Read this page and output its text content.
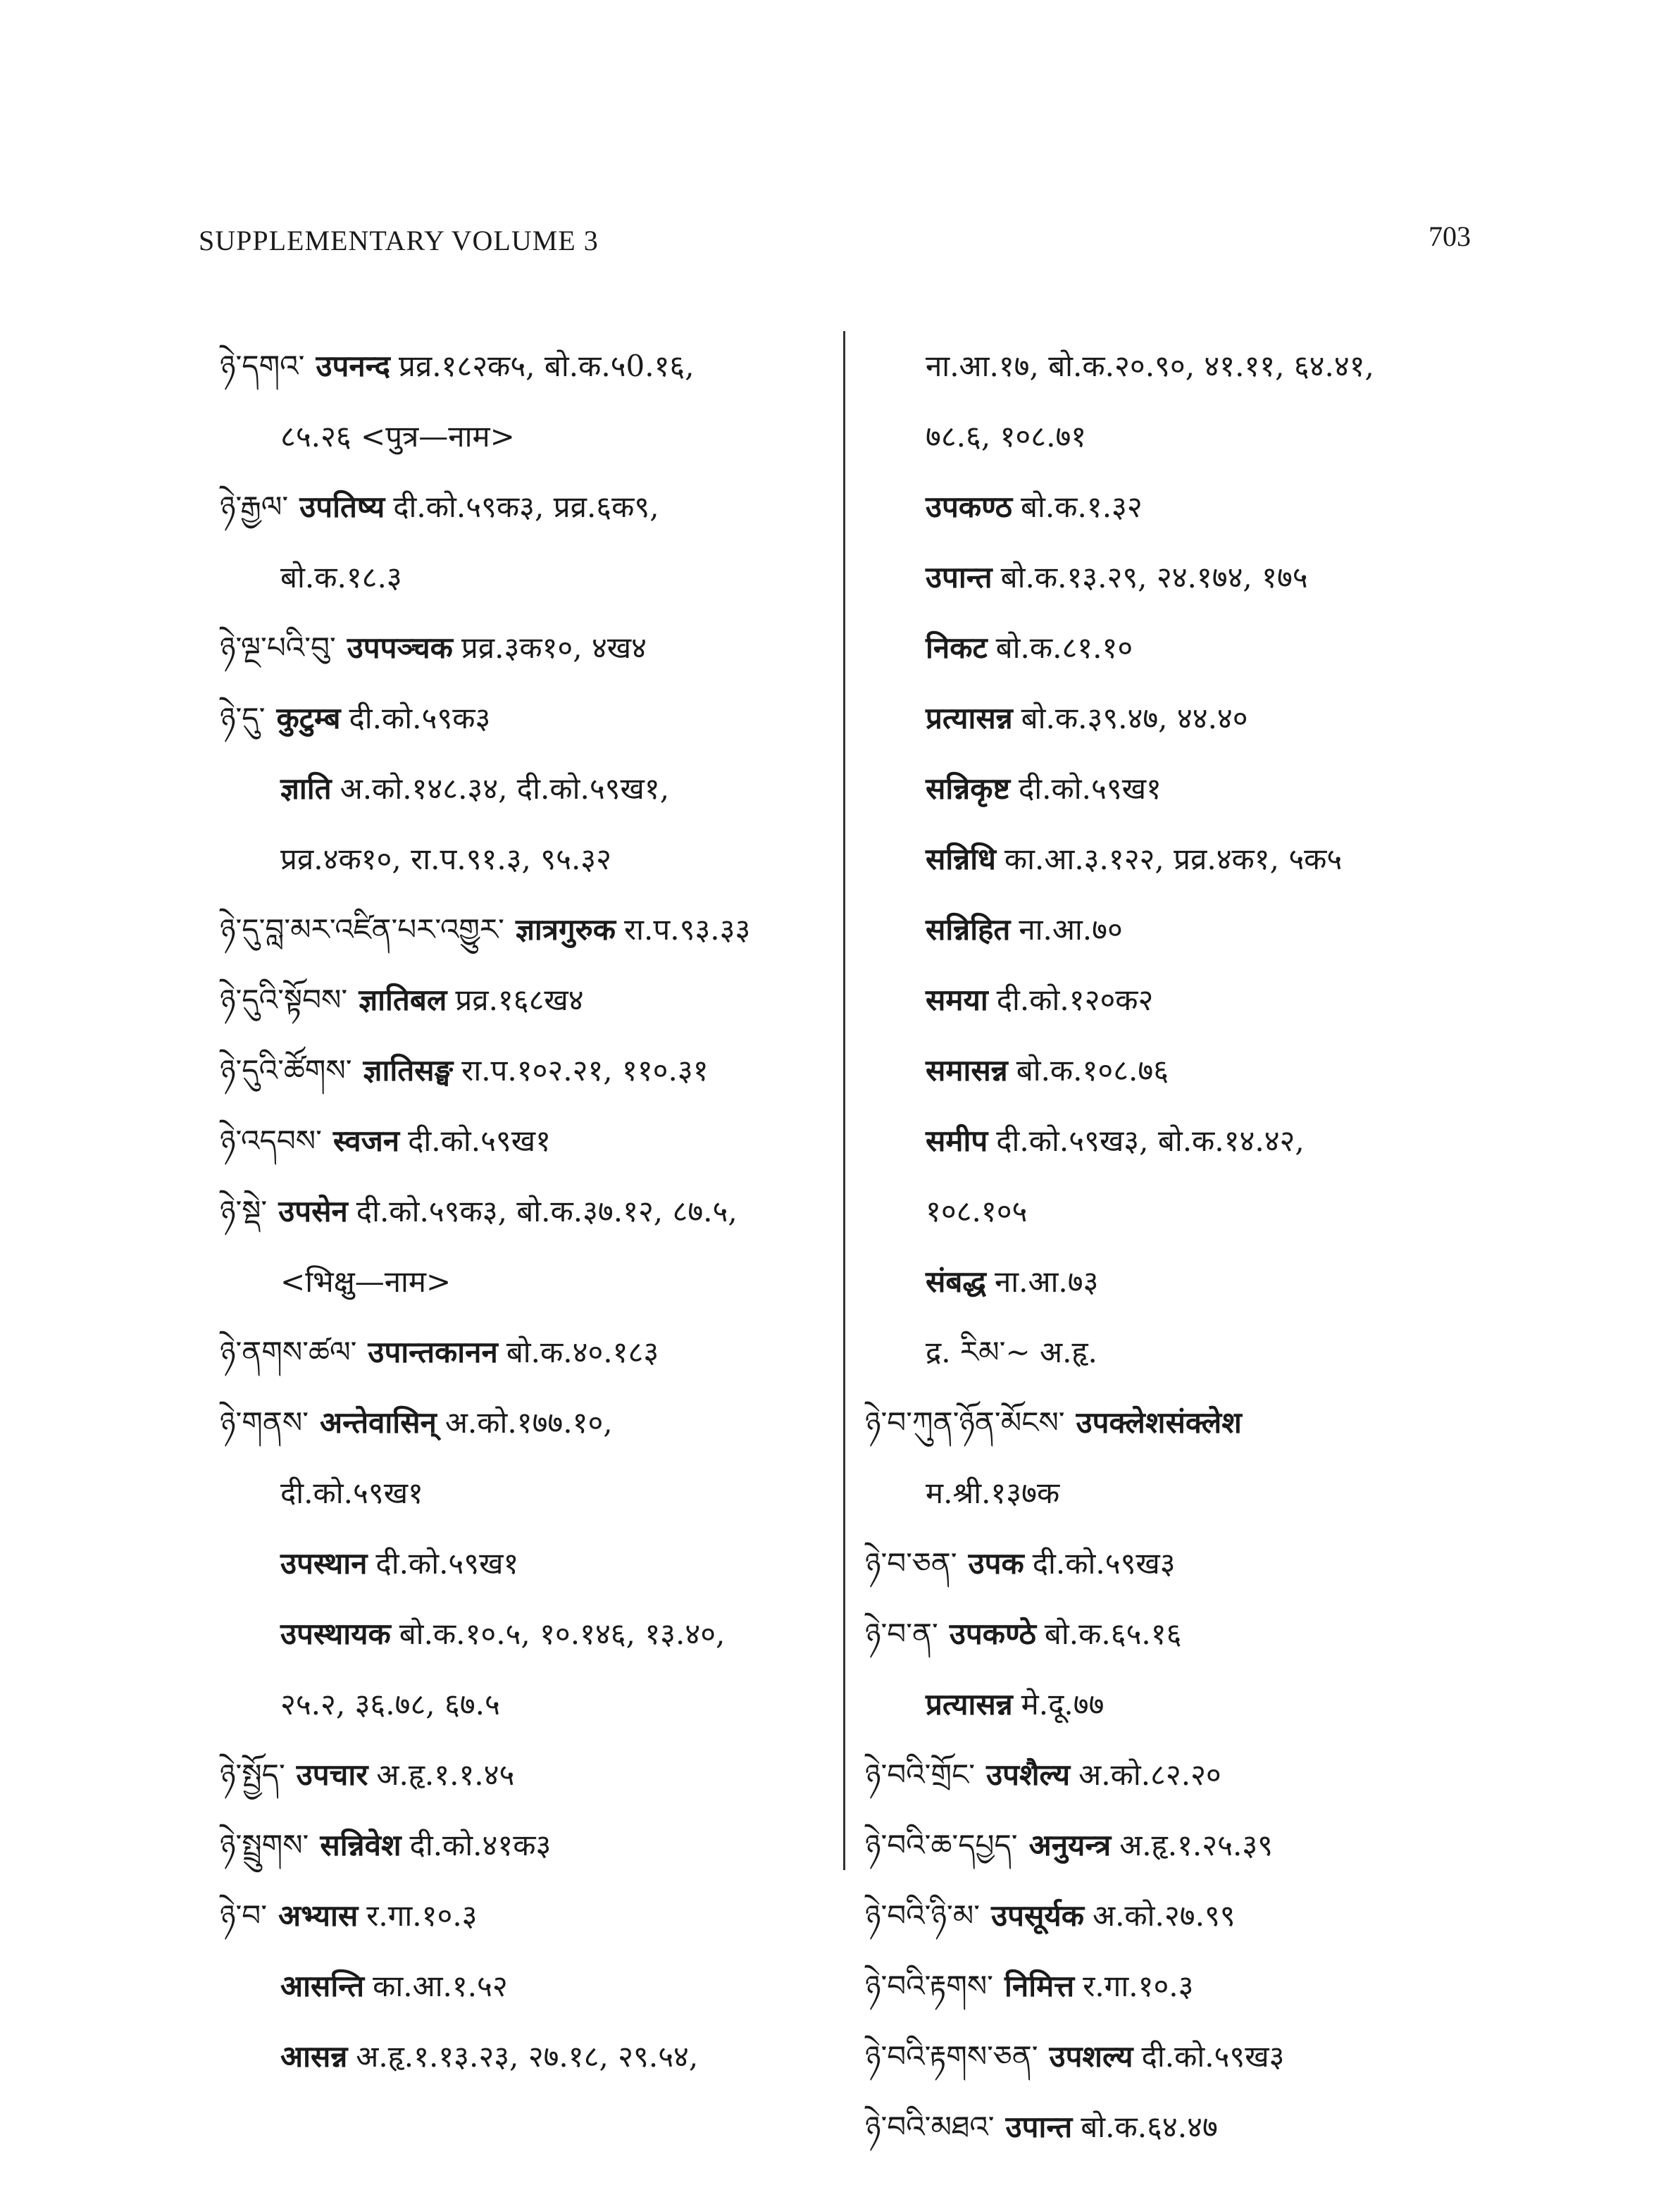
SUPPLEMENTARY VOLUME 3	703
ཉེ་དགའ་ उपनन्द प्रव्र.१८२क५, बो.क.५0.१६,
८५.२६ <पुत्र—नाम>
ཉེ་རྒྱལ་ उपतिष्य दी.को.५९क३, प्रव्र.६क९,
बो.क.१८.३
ཉེ་ལྔ་པའི་བུ་ उपपञ्चक प्रव्र.३क१०, ४ख४
ཉེ་དུ་ कुटुम्ब दी.को.५९क३
ज्ञाति अ.को.१४८.३४, दी.को.५९ख१,
प्रव्र.४क१०, रा.प.९१.३, ९५.३२
ཉེ་དུ་བླ་མར་འཛིན་པར་འགྱུར་ ज्ञात्रगुरुक रा.प.९३.३३
ཉེ་དུའི་སྟོབས་ ज्ञातिबल प्रव्र.१६८ख४
ཉེ་དུའི་ཚོགས་ ज्ञातिसङ्घ रा.प.१०२.२१, ११०.३१
ཉེ་འདབས་ स्वजन दी.को.५९ख१
ཉེ་སྡེ་ उपसेन दी.को.५९क३, बो.क.३७.१२, ८७.५,
<भिक्षु—नाम>
ཉེ་ནགས་ཚལ་ उपान्तकानन बो.क.४०.१८३
ཉེ་གནས་ अन्तेवासिन् अ.को.१७७.१०,
दी.को.५९ख१
उपस्थान दी.को.५९ख१
उपस्थायक बो.क.१०.५, १०.१४६, १३.४०,
२५.२, ३६.७८, ६७.५
ཉེ་སྤྱོད་ उपचार अ.हृ.१.१.४५
ཉེ་སྤྲུགས་ सन्निवेश दी.को.४१क३
ཉེ་བ་ अभ्यास र.गा.१०.३
आसन्ति का.आ.१.५२
आसन्न अ.हृ.१.१३.२३, २७.१८, २९.५४,
ना.आ.१७, बो.क.२०.९०, ४१.११, ६४.४१,
७८.६, १०८.७१
उपकण्ठ बो.क.१.३२
उपान्त बो.क.१३.२९, २४.१७४, १७५
निकट बो.क.८१.१०
प्रत्यासन्न बो.क.३९.४७, ४४.४०
सन्निकृष्ट दी.को.५९ख१
सन्निधि का.आ.३.१२२, प्रव्र.४क१, ५क५
सन्निहित ना.आ.७०
समया दी.को.१२०क२
समासन्न बो.क.१०८.७६
समीप दी.को.५९ख३, बो.क.१४.४२,
१०८.१०५
संबद्ध ना.आ.७३
द्र. རིམ་~ अ.हृ.
ཉེ་བ་ཀུན་ཉོན་མོངས་ उपक्लेशसंक्लेश
म.श्री.१३७क
ཉེ་བ་ཅན་ उपक दी.को.५९ख३
ཉེ་བ་ན་ उपकण्ठे बो.क.६५.१६
प्रत्यासन्न मे.दू.७७
ཉེ་བའི་གྲོང་ उपशैल्य अ.को.८२.२०
ཉེ་བའི་ཆ་དཔྱད་ अनुयन्त्र अ.हृ.१.२५.३९
ཉེ་བའི་ཉི་མ་ उपसूर्यक अ.को.२७.९९
ཉེ་བའི་རྟགས་ निमित्त र.गा.१०.३
ཉེ་བའི་རྟགས་ཅན་ उपशल्य दी.को.५९ख३
ཉེ་བའི་མཐའ་ उपान्त बो.क.६४.४७
